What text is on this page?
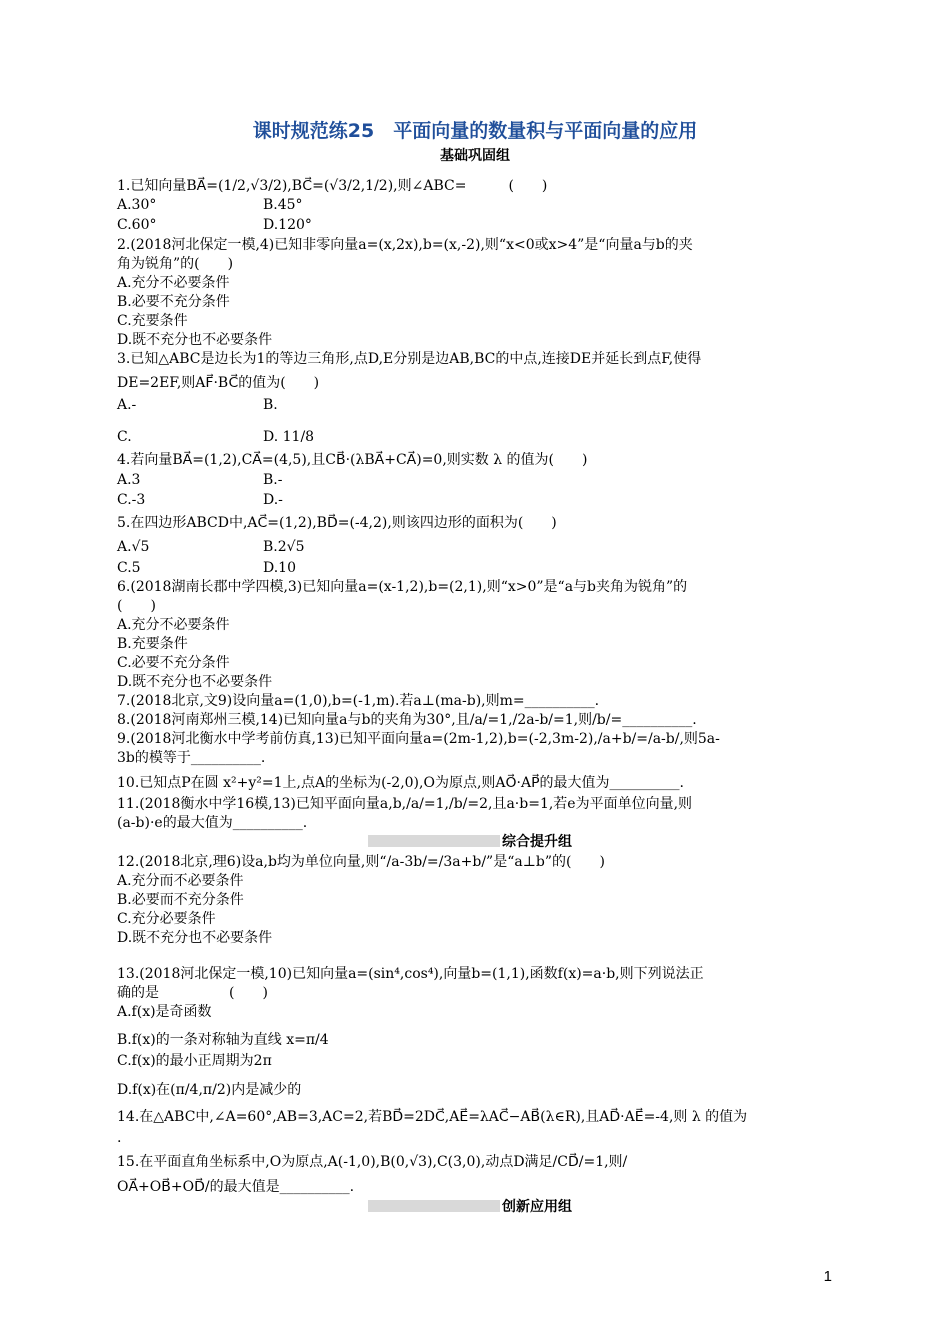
课时规范练25　平面向量的数量积与平面向量的应用
基础巩固组
1.已知向量BA⃗=(1/2,√3/2),BC⃗=(√3/2,1/2),则∠ABC=　　　(　　)
A.30°	B.45°
C.60°	D.120°
2.(2018河北保定一模,4)已知非零向量a=(x,2x),b=(x,-2),则“x<0或x>4”是“向量a与b的夹
角为锐角”的(　　)
A.充分不必要条件
B.必要不充分条件
C.充要条件
D.既不充分也不必要条件
3.已知△ABC是边长为1的等边三角形,点D,E分别是边AB,BC的中点,连接DE并延长到点F,使得
DE=2EF,则AF⃗·BC⃗的值为(　　)
A.-	B.
C.	D. 11/8
4.若向量BA⃗=(1,2),CA⃗=(4,5),且CB⃗·(λBA⃗+CA⃗)=0,则实数 λ 的值为(　　)
A.3	B.-
C.-3	D.-
5.在四边形ABCD中,AC⃗=(1,2),BD⃗=(-4,2),则该四边形的面积为(　　)
A.√5	B.2√5
C.5	D.10
6.(2018湖南长郡中学四模,3)已知向量a=(x-1,2),b=(2,1),则“x>0”是“a与b夹角为锐角”的
(　　)
A.充分不必要条件
B.充要条件
C.必要不充分条件
D.既不充分也不必要条件
7.(2018北京,文9)设向量a=(1,0),b=(-1,m).若a⊥(ma-b),则m=__________.
8.(2018河南郑州三模,14)已知向量a与b的夹角为30°,且/a/=1,/2a-b/=1,则/b/=__________.
9.(2018河北衡水中学考前仿真,13)已知平面向量a=(2m-1,2),b=(-2,3m-2),/a+b/=/a-b/,则5a-
3b的模等于__________.
10.已知点P在圆 x²+y²=1上,点A的坐标为(-2,0),O为原点,则AO⃗·AP⃗的最大值为__________.
11.(2018衡水中学16模,13)已知平面向量a,b,/a/=1,/b/=2,且a·b=1,若e为平面单位向量,则
(a-b)·e的最大值为__________.
综合提升组
12.(2018北京,理6)设a,b均为单位向量,则“/a-3b/=/3a+b/”是“a⊥b”的(　　)
A.充分而不必要条件
B.必要而不充分条件
C.充分必要条件
D.既不充分也不必要条件
13.(2018河北保定一模,10)已知向量a=(sin⁴,cos⁴),向量b=(1,1),函数f(x)=a·b,则下列说法正
确的是　　　　　(　　)
A.f(x)是奇函数
B.f(x)的一条对称轴为直线 x=π/4
C.f(x)的最小正周期为2π
D.f(x)在(π/4,π/2)内是减少的
14.在△ABC中,∠A=60°,AB=3,AC=2,若BD⃗=2DC⃗,AE⃗=λAC⃗−AB⃗(λ∈R),且AD⃗·AE⃗=-4,则 λ 的值为
.
15.在平面直角坐标系中,O为原点,A(-1,0),B(0,√3),C(3,0),动点D满足/CD⃗/=1,则/
OA⃗+OB⃗+OD⃗/的最大值是__________.
创新应用组
1
